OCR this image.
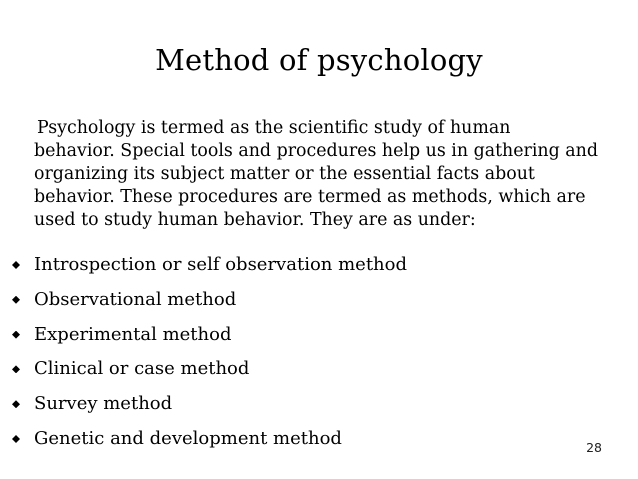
Method of psychology

Psychology is termed as the scientific study of human
behavior. Special tools and procedures help us in gathering and
organizing its subject matter or the essential facts about
behavior. These procedures are termed as methods, which are
used to study human behavior. They are as under:

Introspection or self observation method
Observational method
Experimental method
Clinical or case method
Survey method
Genetic and development method	28
